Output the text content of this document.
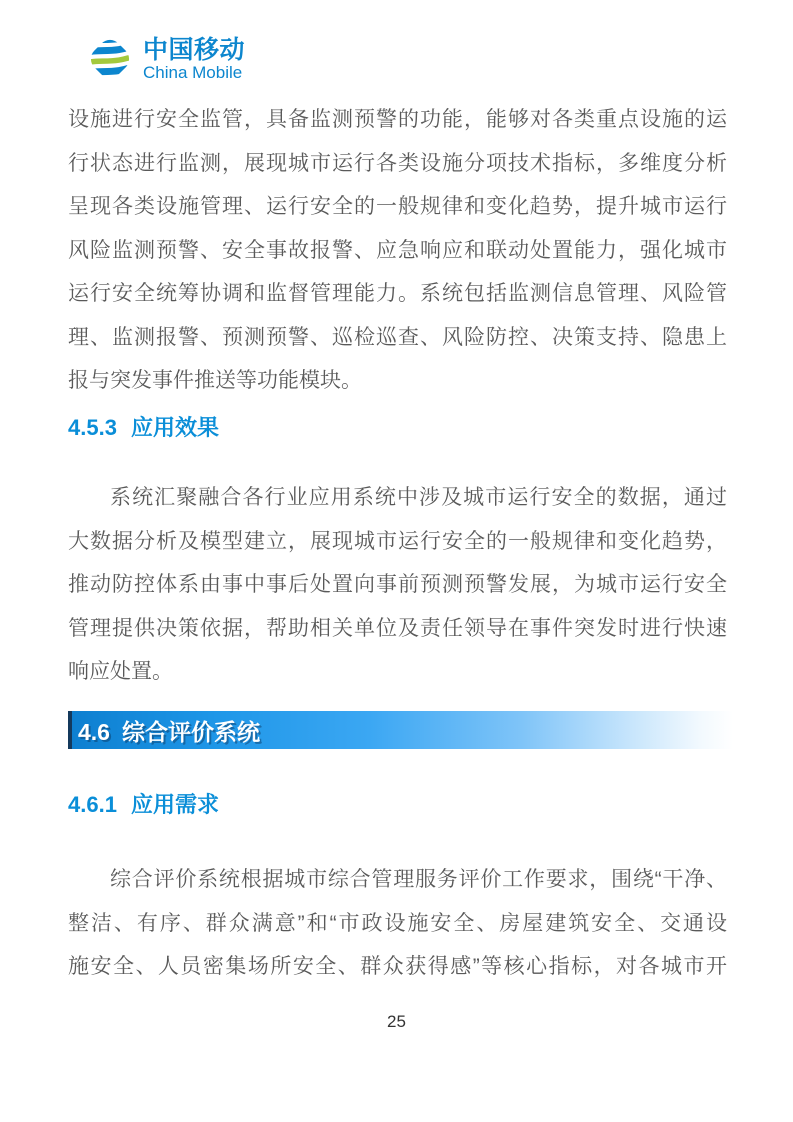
中国移动
China Mobile
设施进行安全监管，具备监测预警的功能，能够对各类重点设施的运
行状态进行监测，展现城市运行各类设施分项技术指标，多维度分析
呈现各类设施管理、运行安全的一般规律和变化趋势，提升城市运行
风险监测预警、安全事故报警、应急响应和联动处置能力，强化城市
运行安全统筹协调和监督管理能力。系统包括监测信息管理、风险管
理、监测报警、预测预警、巡检巡查、风险防控、决策支持、隐患上
报与突发事件推送等功能模块。
4.5.3 应用效果
系统汇聚融合各行业应用系统中涉及城市运行安全的数据，通过
大数据分析及模型建立，展现城市运行安全的一般规律和变化趋势，
推动防控体系由事中事后处置向事前预测预警发展，为城市运行安全
管理提供决策依据，帮助相关单位及责任领导在事件突发时进行快速
响应处置。
4.6 综合评价系统
4.6.1 应用需求
综合评价系统根据城市综合管理服务评价工作要求，围绕“干净、
整洁、有序、群众满意”和“市政设施安全、房屋建筑安全、交通设
施安全、人员密集场所安全、群众获得感”等核心指标，对各城市开
25
